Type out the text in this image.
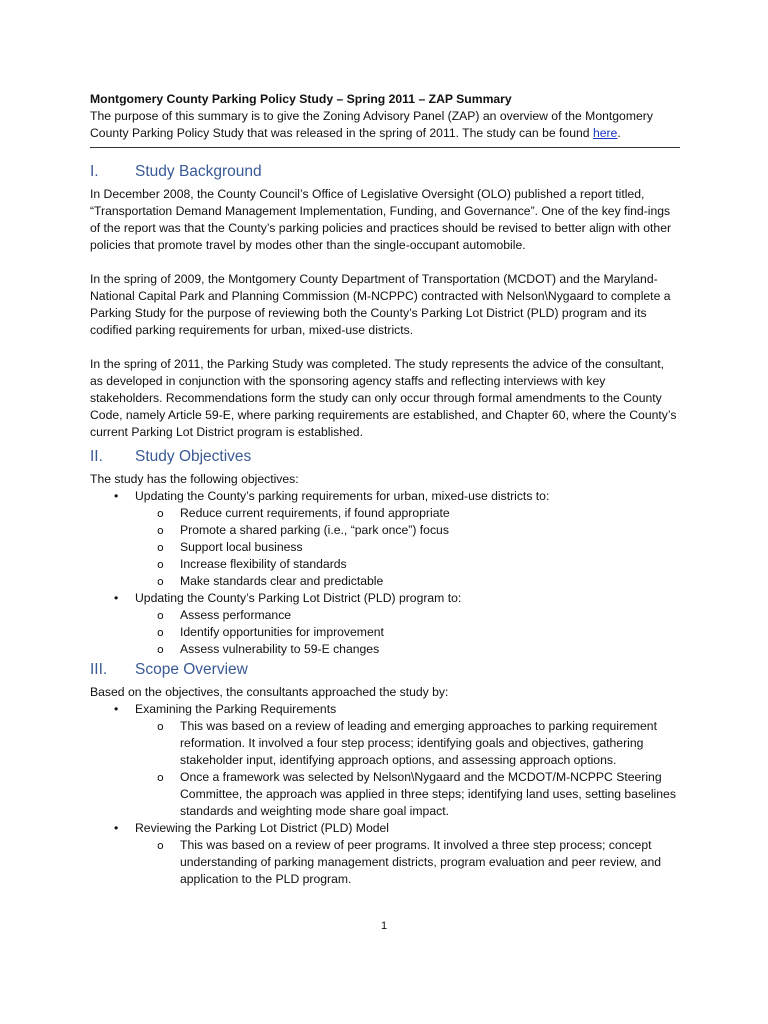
Montgomery County Parking Policy Study – Spring 2011 – ZAP Summary
The purpose of this summary is to give the Zoning Advisory Panel (ZAP) an overview of the Montgomery County Parking Policy Study that was released in the spring of 2011. The study can be found here.
I.	Study Background

In December 2008, the County Council’s Office of Legislative Oversight (OLO) published a report titled, “Transportation Demand Management Implementation, Funding, and Governance”. One of the key find-ings of the report was that the County’s parking policies and practices should be revised to better align with other policies that promote travel by modes other than the single-occupant automobile.

In the spring of 2009, the Montgomery County Department of Transportation (MCDOT) and the Maryland-National Capital Park and Planning Commission (M-NCPPC) contracted with Nelson\Nygaard to complete a Parking Study for the purpose of reviewing both the County’s Parking Lot District (PLD) program and its codified parking requirements for urban, mixed-use districts.

In the spring of 2011, the Parking Study was completed. The study represents the advice of the consultant, as developed in conjunction with the sponsoring agency staffs and reflecting interviews with key stakeholders. Recommendations form the study can only occur through formal amendments to the County Code, namely Article 59-E, where parking requirements are established, and Chapter 60, where the County’s current Parking Lot District program is established.

II.	Study Objectives
The study has the following objectives:
• Updating the County’s parking requirements for urban, mixed-use districts to:
o Reduce current requirements, if found appropriate
o Promote a shared parking (i.e., “park once”) focus
o Support local business
o Increase flexibility of standards
o Make standards clear and predictable
• Updating the County’s Parking Lot District (PLD) program to:
o Assess performance
o Identify opportunities for improvement
o Assess vulnerability to 59-E changes
III.	Scope Overview
Based on the objectives, the consultants approached the study by:
• Examining the Parking Requirements
o This was based on a review of leading and emerging approaches to parking requirement reformation. It involved a four step process; identifying goals and objectives, gathering stakeholder input, identifying approach options, and assessing approach options.
o Once a framework was selected by Nelson\Nygaard and the MCDOT/M-NCPPC Steering Committee, the approach was applied in three steps; identifying land uses, setting baselines standards and weighting mode share goal impact.
• Reviewing the Parking Lot District (PLD) Model
o This was based on a review of peer programs. It involved a three step process; concept understanding of parking management districts, program evaluation and peer review, and application to the PLD program.
1
